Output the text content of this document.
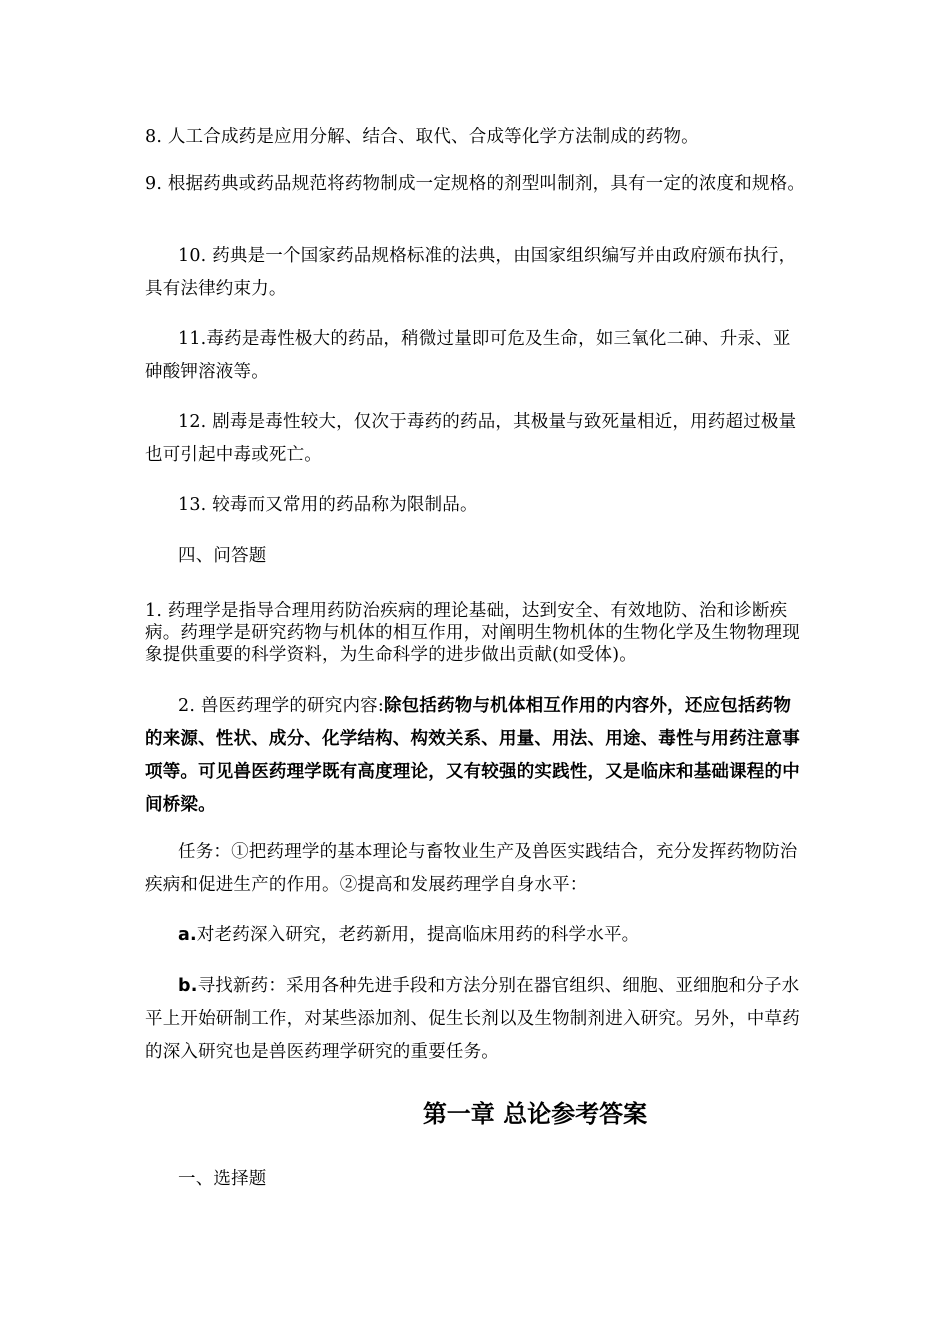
8. 人工合成药是应用分解、结合、取代、合成等化学方法制成的药物。

9. 根据药典或药品规范将药物制成一定规格的剂型叫制剂，具有一定的浓度和规格。

10. 药典是一个国家药品规格标准的法典，由国家组织编写并由政府颁布执行，具有法律约束力。

11.毒药是毒性极大的药品，稍微过量即可危及生命，如三氧化二砷、升汞、亚砷酸钾溶液等。

12. 剧毒是毒性较大，仅次于毒药的药品，其极量与致死量相近，用药超过极量也可引起中毒或死亡。

13. 较毒而又常用的药品称为限制品。

四、问答题

1. 药理学是指导合理用药防治疾病的理论基础，达到安全、有效地防、治和诊断疾病。药理学是研究药物与机体的相互作用，对阐明生物机体的生物化学及生物物理现象提供重要的科学资料，为生命科学的进步做出贡献(如受体)。

2. 兽医药理学的研究内容:除包括药物与机体相互作用的内容外，还应包括药物的来源、性状、成分、化学结构、构效关系、用量、用法、用途、毒性与用药注意事项等。可见兽医药理学既有高度理论，又有较强的实践性，又是临床和基础课程的中间桥梁。

任务：①把药理学的基本理论与畜牧业生产及兽医实践结合，充分发挥药物防治疾病和促进生产的作用。②提高和发展药理学自身水平：

a.对老药深入研究，老药新用，提高临床用药的科学水平。

b.寻找新药：采用各种先进手段和方法分别在器官组织、细胞、亚细胞和分子水平上开始研制工作，对某些添加剂、促生长剂以及生物制剂进入研究。另外，中草药的深入研究也是兽医药理学研究的重要任务。

第一章 总论参考答案

一、选择题
